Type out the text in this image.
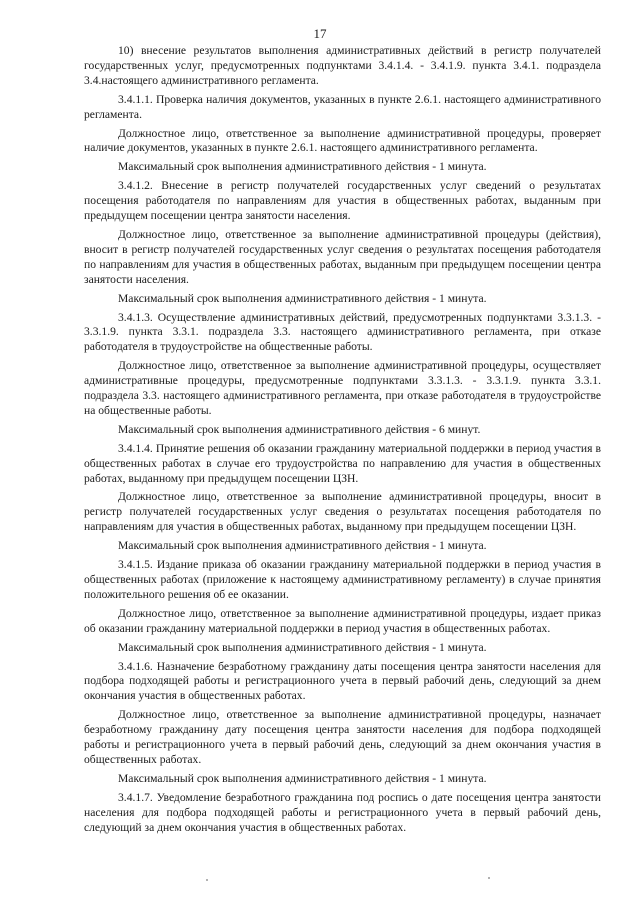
17

10) внесение результатов выполнения административных действий в регистр получателей государственных услуг, предусмотренных подпунктами 3.4.1.4. - 3.4.1.9. пункта 3.4.1. подраздела 3.4.настоящего административного регламента.

3.4.1.1. Проверка наличия документов, указанных в пункте 2.6.1. настоящего административного регламента.

Должностное лицо, ответственное за выполнение административной процедуры, проверяет наличие документов, указанных в пункте 2.6.1. настоящего административного регламента.

Максимальный срок выполнения административного действия - 1 минута.

3.4.1.2. Внесение в регистр получателей государственных услуг сведений о результатах посещения работодателя по направлениям для участия в общественных работах, выданным при предыдущем посещении центра занятости населения.

Должностное лицо, ответственное за выполнение административной процедуры (действия), вносит в регистр получателей государственных услуг сведения о результатах посещения работодателя по направлениям для участия в общественных работах, выданным при предыдущем посещении центра занятости населения.

Максимальный срок выполнения административного действия - 1 минута.

3.4.1.3. Осуществление административных действий, предусмотренных подпунктами 3.3.1.3. - 3.3.1.9. пункта 3.3.1. подраздела 3.3. настоящего административного регламента, при отказе работодателя в трудоустройстве на общественные работы.

Должностное лицо, ответственное за выполнение административной процедуры, осуществляет административные процедуры, предусмотренные подпунктами 3.3.1.3. - 3.3.1.9. пункта 3.3.1. подраздела 3.3. настоящего административного регламента, при отказе работодателя в трудоустройстве на общественные работы.

Максимальный срок выполнения административного действия - 6 минут.

3.4.1.4. Принятие решения об оказании гражданину материальной поддержки в период участия в общественных работах в случае его трудоустройства по направлению для участия в общественных работах, выданному при предыдущем посещении ЦЗН.

Должностное лицо, ответственное за выполнение административной процедуры, вносит в регистр получателей государственных услуг сведения о результатах посещения работодателя по направлениям для участия в общественных работах, выданному при предыдущем посещении ЦЗН.

Максимальный срок выполнения административного действия - 1 минута.

3.4.1.5. Издание приказа об оказании гражданину материальной поддержки в период участия в общественных работах (приложение к настоящему административному регламенту) в случае принятия положительного решения об ее оказании.

Должностное лицо, ответственное за выполнение административной процедуры, издает приказ об оказании гражданину материальной поддержки в период участия в общественных работах.

Максимальный срок выполнения административного действия - 1 минута.

3.4.1.6. Назначение безработному гражданину даты посещения центра занятости населения для подбора подходящей работы и регистрационного учета в первый рабочий день, следующий за днем окончания участия в общественных работах.

Должностное лицо, ответственное за выполнение административной процедуры, назначает безработному гражданину дату посещения центра занятости населения для подбора подходящей работы и регистрационного учета в первый рабочий день, следующий за днем окончания участия в общественных работах.

Максимальный срок выполнения административного действия - 1 минута.

3.4.1.7. Уведомление безработного гражданина под роспись о дате посещения центра занятости населения для подбора подходящей работы и регистрационного учета в первый рабочий день, следующий за днем окончания участия в общественных работах.
